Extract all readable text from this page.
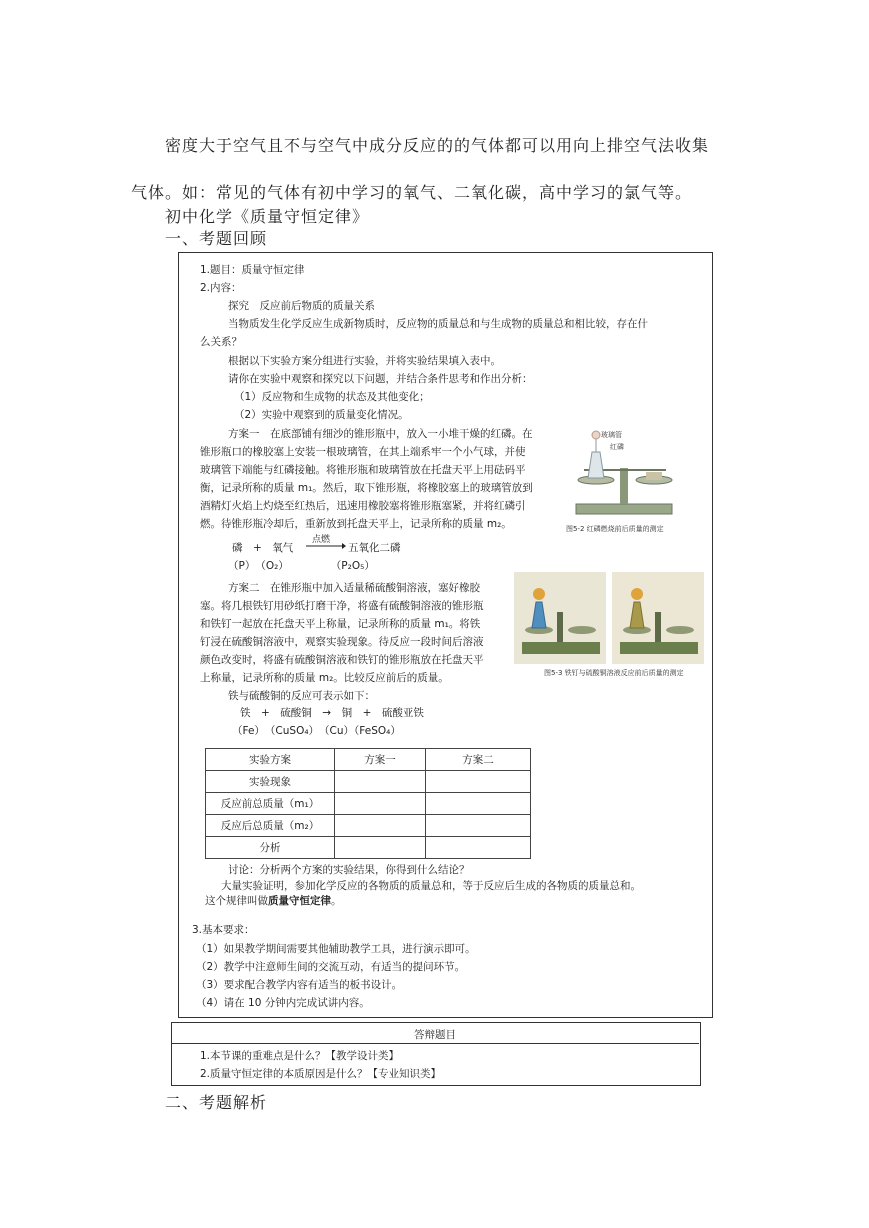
密度大于空气且不与空气中成分反应的的气体都可以用向上排空气法收集
气体。如：常见的气体有初中学习的氧气、二氧化碳，高中学习的氯气等。
初中化学《质量守恒定律》
一、考题回顾
1.题目：质量守恒定律
2.内容：
探究　反应前后物质的质量关系
当物质发生化学反应生成新物质时，反应物的质量总和与生成物的质量总和相比较，存在什
么关系？
根据以下实验方案分组进行实验，并将实验结果填入表中。
请你在实验中观察和探究以下问题，并结合条件思考和作出分析：
（1）反应物和生成物的状态及其他变化；
（2）实验中观察到的质量变化情况。
方案一　在底部铺有细沙的锥形瓶中，放入一小堆干燥的红磷。在
锥形瓶口的橡胶塞上安装一根玻璃管，在其上端系牢一个小气球，并使
玻璃管下端能与红磷接触。将锥形瓶和玻璃管放在托盘天平上用砝码平
衡，记录所称的质量 m₁。然后，取下锥形瓶，将橡胶塞上的玻璃管放到
酒精灯火焰上灼烧至红热后，迅速用橡胶塞将锥形瓶塞紧，并将红磷引
燃。待锥形瓶冷却后，重新放到托盘天平上，记录所称的质量 m₂。
磷　+　氧气
点燃
→ 五氧化二磷
（P）　（O₂）　　　　　（P₂O₅）
玻璃管
红磷
图5-2 红磷燃烧前后质量的测定
方案二　在锥形瓶中加入适量稀硫酸铜溶液，塞好橡胶
塞。将几根铁钉用砂纸打磨干净，将盛有硫酸铜溶液的锥形瓶
和铁钉一起放在托盘天平上称量，记录所称的质量 m₁。将铁
钉浸在硫酸铜溶液中，观察实验现象。待反应一段时间后溶液
颜色改变时，将盛有硫酸铜溶液和铁钉的锥形瓶放在托盘天平
上称量，记录所称的质量 m₂。比较反应前后的质量。	图5-3 铁钉与硫酸铜溶液反应前后质量的测定
铁与硫酸铜的反应可表示如下：
铁　+　硫酸铜　→　铜　+　硫酸亚铁
（Fe）　（CuSO₄）　（Cu）（FeSO₄）
实验方案	方案一	方案二
实验现象		
反应前总质量（m₁）		
反应后总质量（m₂）		
分析		
讨论：分析两个方案的实验结果，你得到什么结论？
大量实验证明，参加化学反应的各物质的质量总和，等于反应后生成的各物质的质量总和。
这个规律叫做质量守恒定律。
3.基本要求：
（1）如果教学期间需要其他辅助教学工具，进行演示即可。
（2）教学中注意师生间的交流互动，有适当的提问环节。
（3）要求配合教学内容有适当的板书设计。
（4）请在 10 分钟内完成试讲内容。
答辩题目
1.本节课的重难点是什么？【教学设计类】
2.质量守恒定律的本质原因是什么？【专业知识类】
二、考题解析
